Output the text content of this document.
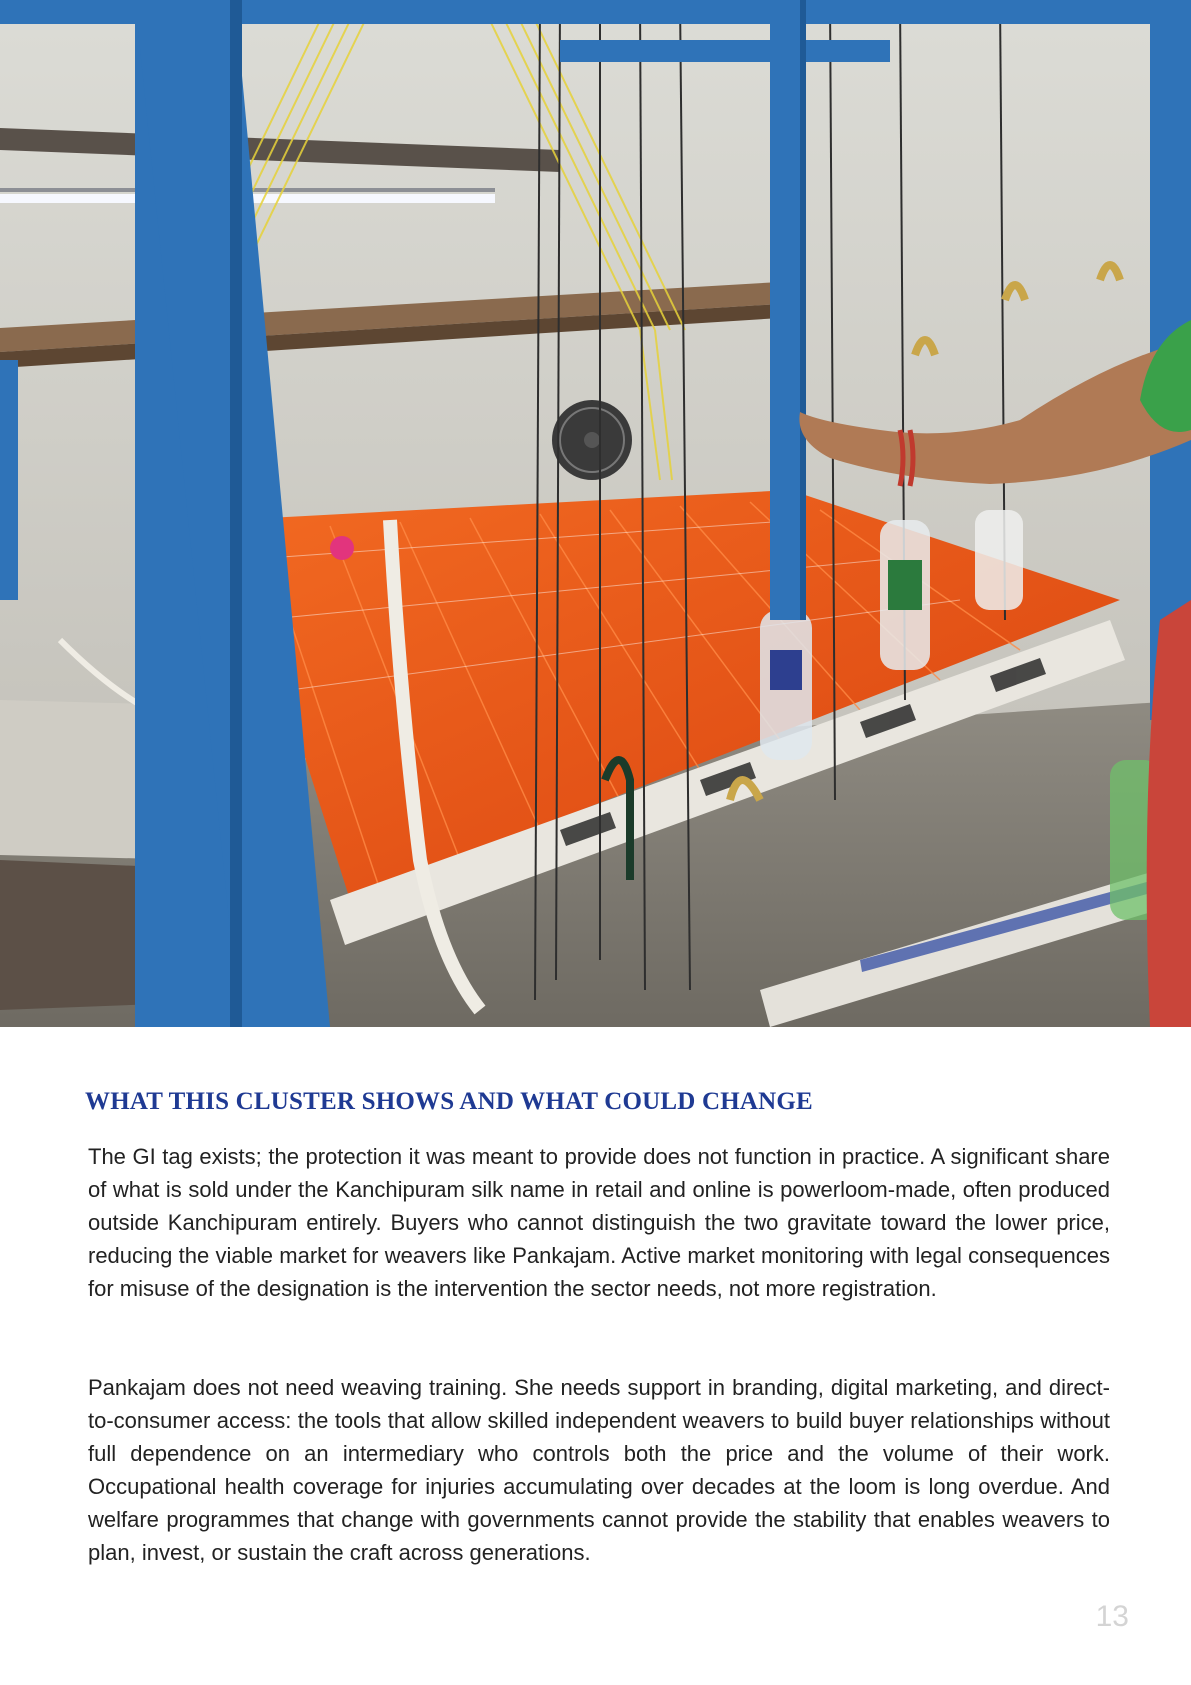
WHAT THIS CLUSTER SHOWS AND WHAT COULD CHANGE

The GI tag exists; the protection it was meant to provide does not function in practice. A significant share of what is sold under the Kanchipuram silk name in retail and online is powerloom-made, often produced outside Kanchipuram entirely. Buyers who cannot distinguish the two gravitate toward the lower price, reducing the viable market for weavers like Pankajam. Active market monitoring with legal consequences for misuse of the designation is the intervention the sector needs, not more registration.

Pankajam does not need weaving training. She needs support in branding, digital marketing, and direct-to-consumer access: the tools that allow skilled independent weavers to build buyer relationships without full dependence on an intermediary who controls both the price and the volume of their work. Occupational health coverage for injuries accumulating over decades at the loom is long overdue. And welfare programmes that change with governments cannot provide the stability that enables weavers to plan, invest, or sustain the craft across generations.

13
